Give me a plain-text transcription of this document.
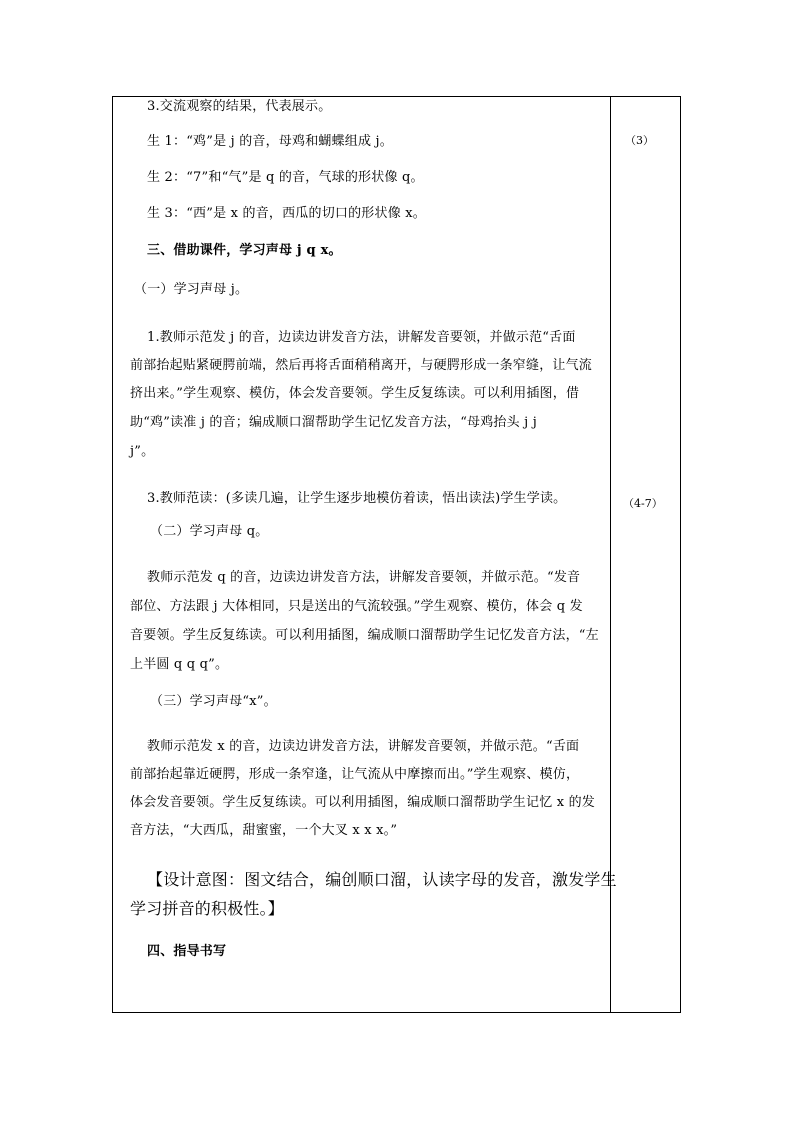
3.交流观察的结果，代表展示。
生 1：“鸡”是 j 的音，母鸡和蝴蝶组成 j。
生 2：“7”和“气”是 q 的音，气球的形状像 q。
生 3：“西”是 x 的音，西瓜的切口的形状像 x。
三、借助课件，学习声母 j q x。
（一）学习声母 j。
1.教师示范发 j 的音，边读边讲发音方法，讲解发音要领，并做示范“舌面
前部抬起贴紧硬腭前端，然后再将舌面稍稍离开，与硬腭形成一条窄缝，让气流
挤出来。”学生观察、模仿，体会发音要领。学生反复练读。可以利用插图，借
助“鸡”读准 j 的音；编成顺口溜帮助学生记忆发音方法，“母鸡抬头 j j
j”。
3.教师范读：(多读几遍，让学生逐步地模仿着读，悟出读法)学生学读。
（二）学习声母 q。
教师示范发 q 的音，边读边讲发音方法，讲解发音要领，并做示范。“发音
部位、方法跟 j 大体相同，只是送出的气流较强。”学生观察、模仿，体会 q 发
音要领。学生反复练读。可以利用插图，编成顺口溜帮助学生记忆发音方法，“左
上半圆 q q q”。
（三）学习声母“x”。
教师示范发 x 的音，边读边讲发音方法，讲解发音要领，并做示范。“舌面
前部抬起靠近硬腭，形成一条窄逢，让气流从中摩擦而出。”学生观察、模仿，
体会发音要领。学生反复练读。可以利用插图，编成顺口溜帮助学生记忆 x 的发
音方法，“大西瓜，甜蜜蜜，一个大叉 x x x。”
【设计意图：图文结合，编创顺口溜，认读字母的发音，激发学生
学习拼音的积极性。】
四、指导书写
（3）
（4-7）
